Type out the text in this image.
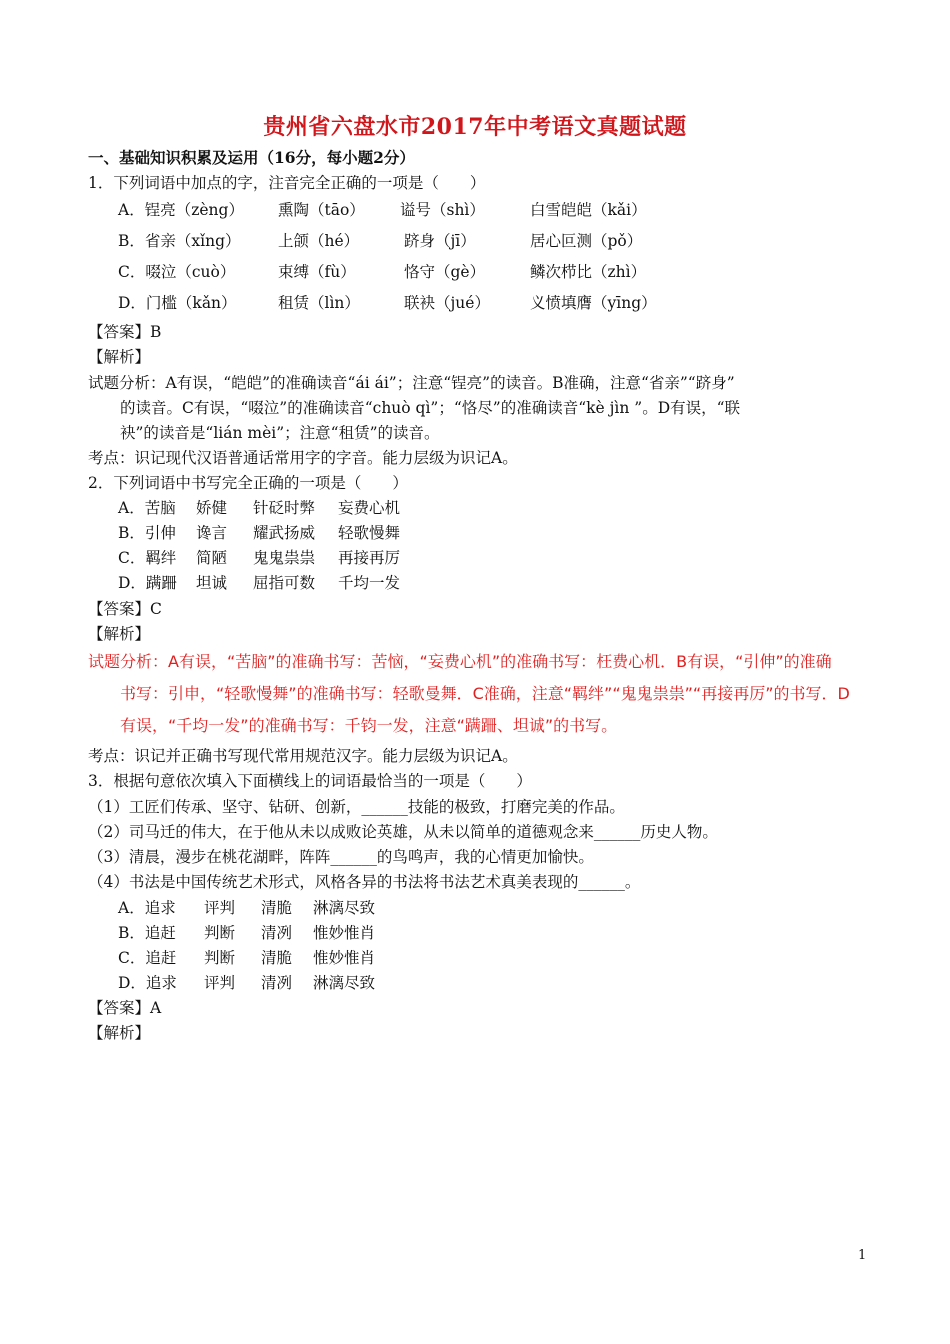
贵州省六盘水市2017年中考语文真题试题
一、基础知识积累及运用（16分，每小题2分）
1．下列词语中加点的字，注音完全正确的一项是（　　）
A．锃亮（zèng） 熏陶（tāo） 谥号（shì）	白雪皑皑（kǎi）
B．省亲（xǐng） 上颌（hé）	跻身（jī）	居心叵测（pǒ）
C．啜泣（cuò）	束缚（fù）	恪守（gè）	鳞次栉比（zhì）
D．门槛（kǎn）	租赁（lìn）	联袂（jué）	义愤填膺（yīng）
【答案】B
【解析】
试题分析：A有误，“皑皑”的准确读音“ái ái”；注意“锃亮”的读音。B准确，注意“省亲”“跻身”
的读音。C有误，“啜泣”的准确读音“chuò qì”；“恪尽”的准确读音“kè jìn ”。D有误，“联
袂”的读音是“lián mèi”；注意“租赁”的读音。
考点：识记现代汉语普通话常用字的字音。能力层级为识记A。
2．下列词语中书写完全正确的一项是（　　）
A．苦脑 娇健 针砭时弊 妄费心机
B．引伸 谗言 耀武扬威 轻歌慢舞
C．羁绊 简陋 鬼鬼祟祟 再接再厉
D．蹒跚 坦诚 屈指可数 千均一发
【答案】C
【解析】
试题分析：A有误，“苦脑”的准确书写：苦恼，“妄费心机”的准确书写：枉费心机．B有误，“引伸”的准确
书写：引申，“轻歌慢舞”的准确书写：轻歌曼舞．C准确，注意“羁绊”“鬼鬼祟祟”“再接再厉”的书写．D
有误，“千均一发”的准确书写：千钧一发，注意“蹒跚、坦诚”的书写。
考点：识记并正确书写现代常用规范汉字。能力层级为识记A。
3．根据句意依次填入下面横线上的词语最恰当的一项是（　　）
（1）工匠们传承、坚守、钻研、创新，______技能的极致，打磨完美的作品。
（2）司马迁的伟大，在于他从未以成败论英雄，从未以简单的道德观念来______历史人物。
（3）清晨，漫步在桃花湖畔，阵阵______的鸟鸣声，我的心情更加愉快。
（4）书法是中国传统艺术形式，风格各异的书法将书法艺术真美表现的______。
A．追求 评判 清脆 淋漓尽致
B．追赶 判断 清冽 惟妙惟肖
C．追赶 判断 清脆 惟妙惟肖
D．追求 评判 清冽 淋漓尽致
【答案】A
【解析】
1
